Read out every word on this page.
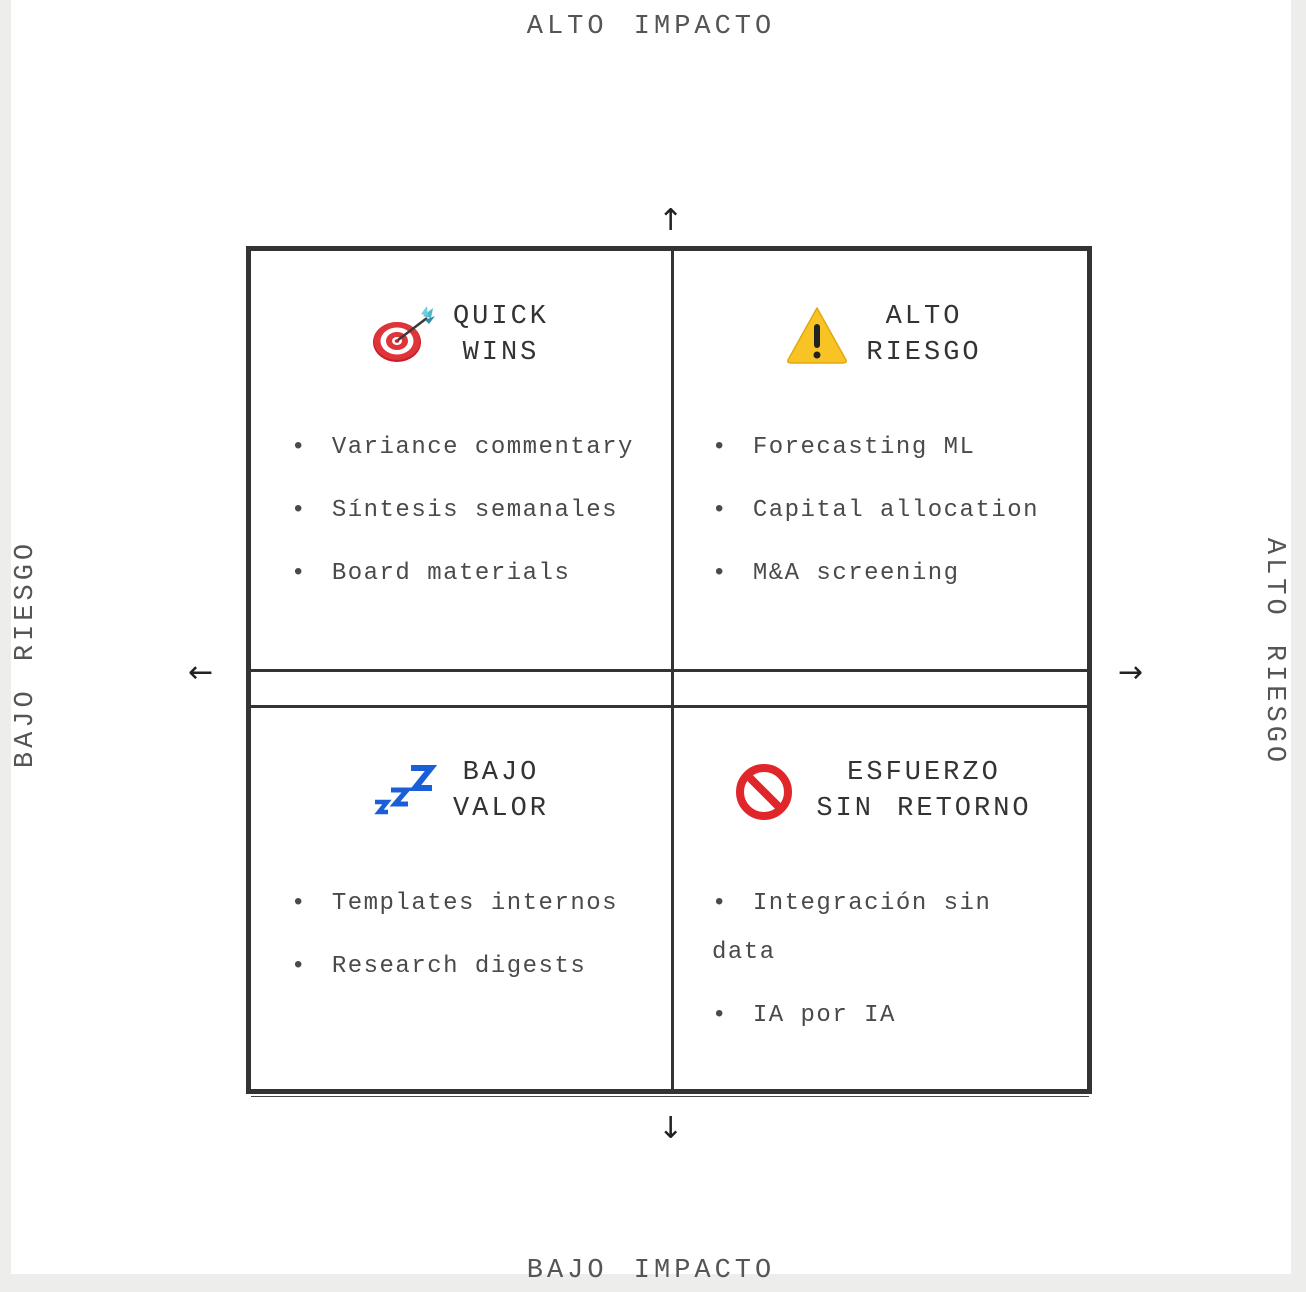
ALTO IMPACTO
BAJO IMPACTO
BAJO RIESGO	ALTO RIESGO
↑
↓
←	→
QUICK
WINS
• Variance commentary
• Síntesis semanales
• Board materials
ALTO
RIESGO
• Forecasting ML
• Capital allocation
• M&A screening
BAJO
VALOR
• Templates internos
• Research digests
ESFUERZO
SIN RETORNO
• Integración sin data
• IA por IA
